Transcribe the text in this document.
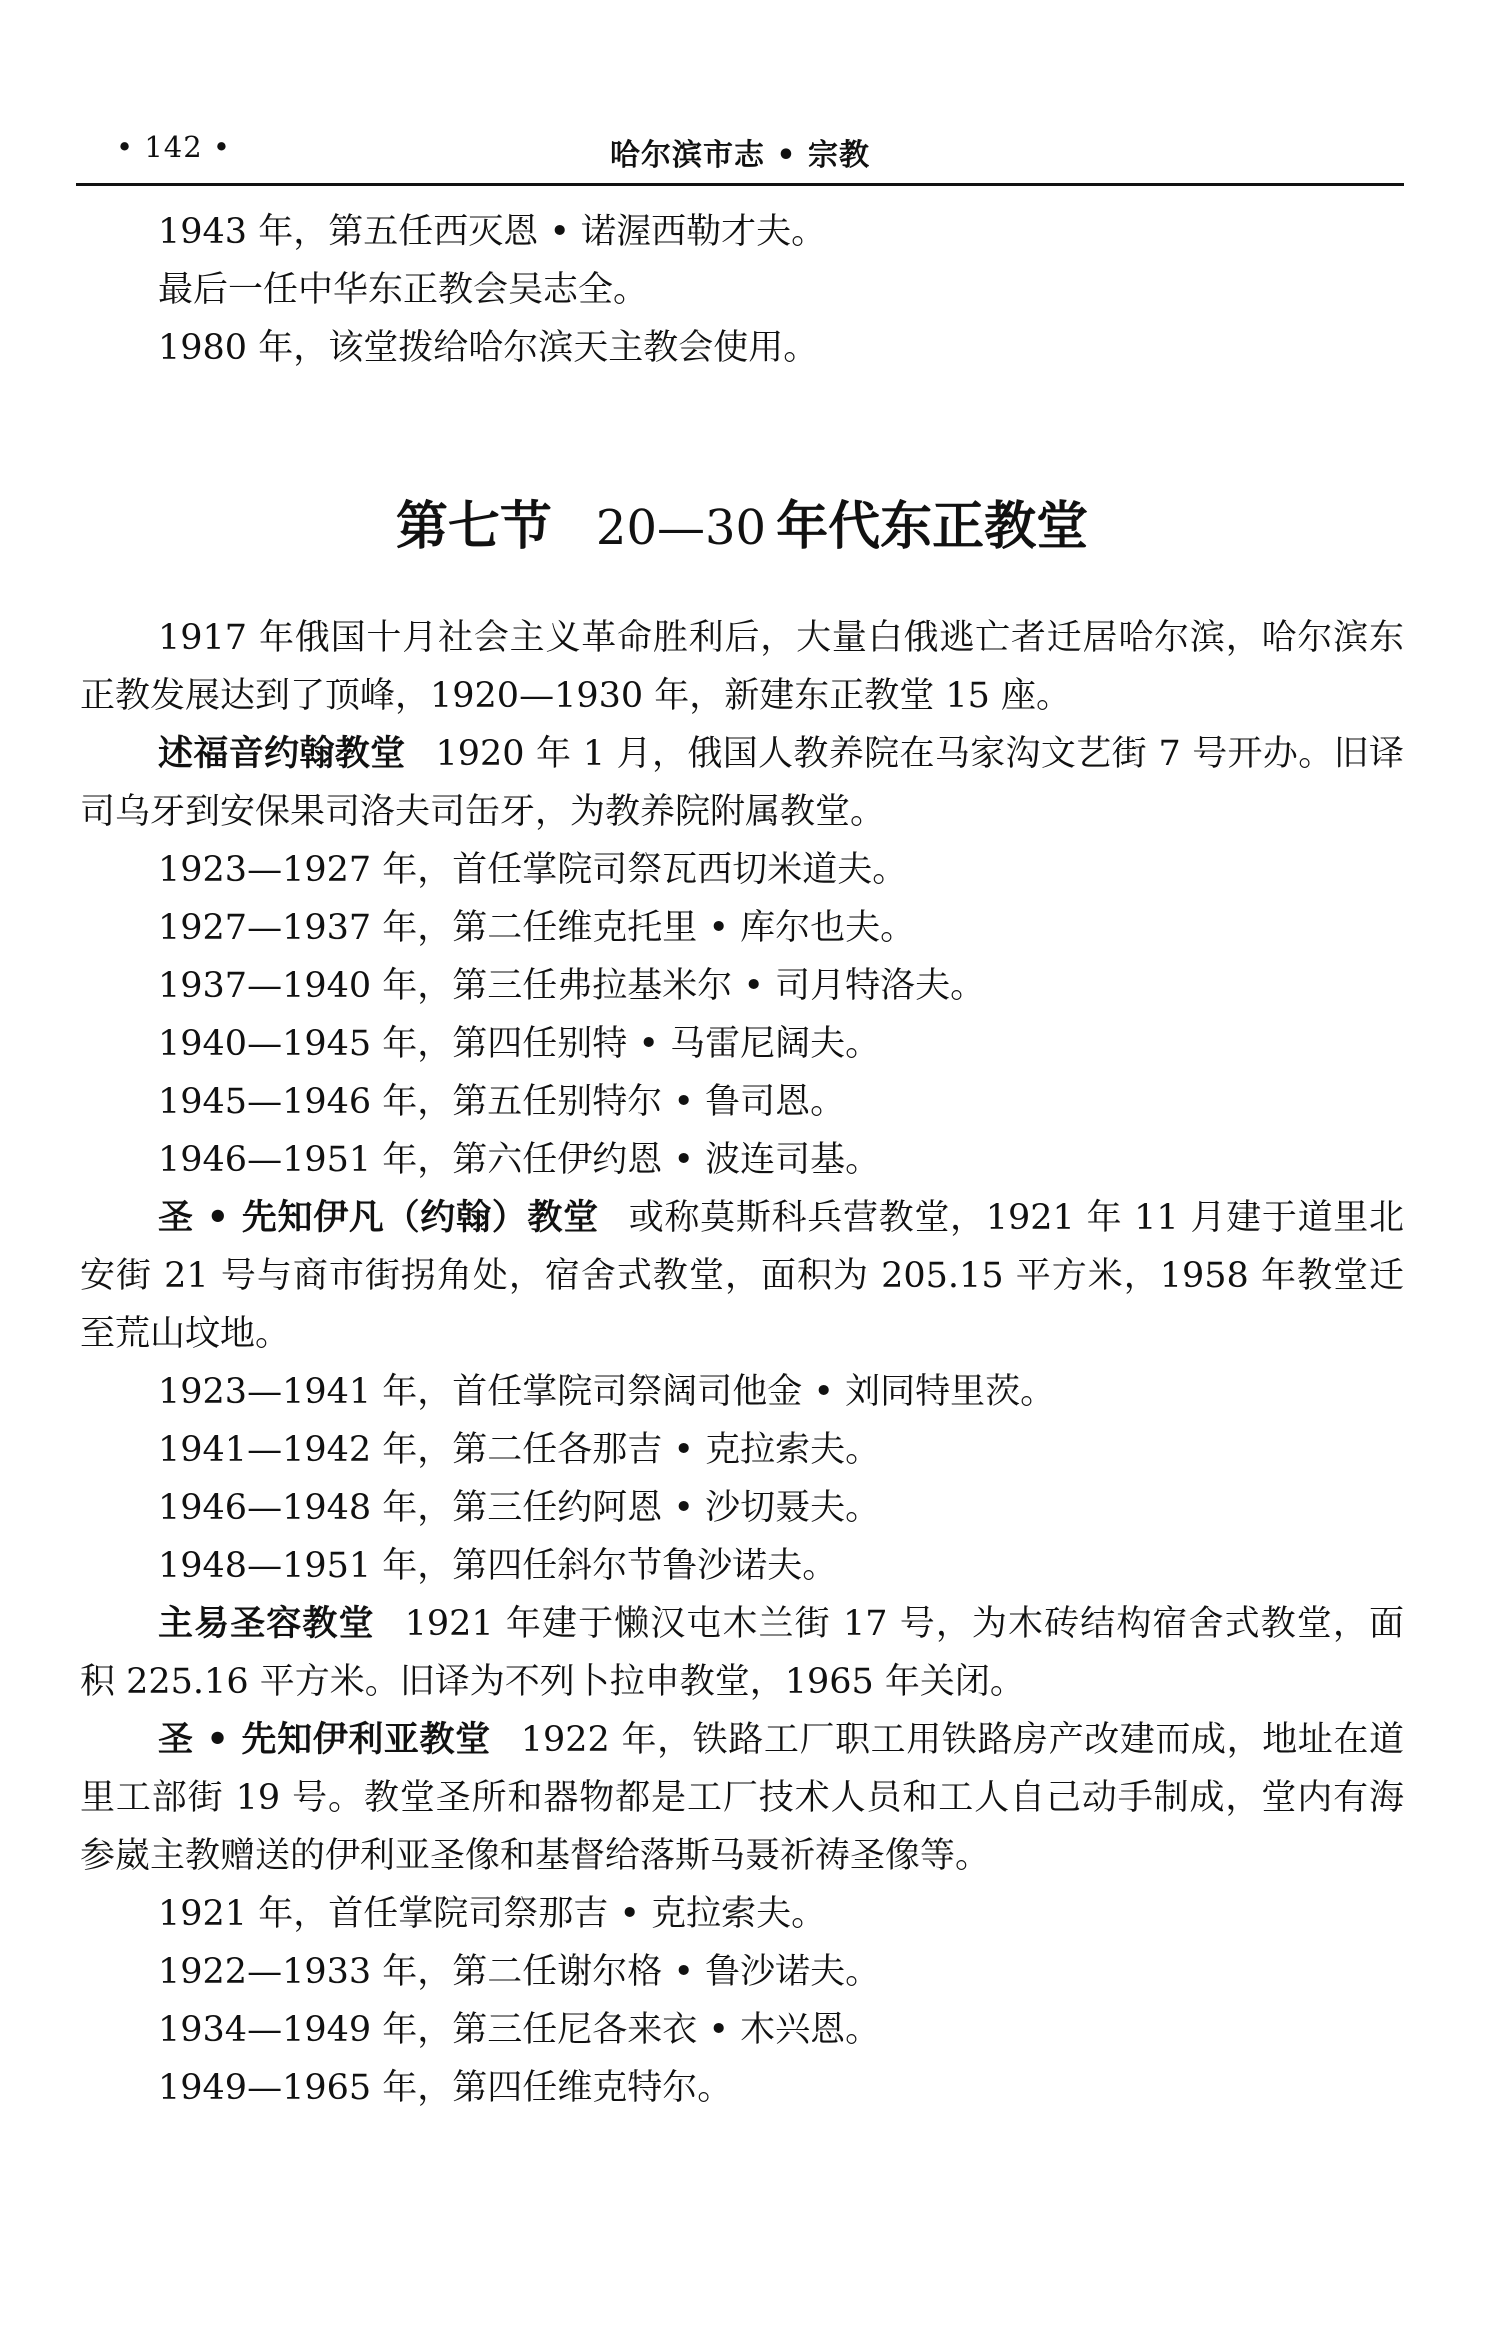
• 142 •	哈尔滨市志 • 宗教

1943 年，第五任西灭恩 • 诺渥西勒才夫。

最后一任中华东正教会吴志全。

1980 年，该堂拨给哈尔滨天主教会使用。

第七节 20—30 年代东正教堂

1917 年俄国十月社会主义革命胜利后，大量白俄逃亡者迁居哈尔滨，哈尔滨东正教发展达到了顶峰，1920—1930 年，新建东正教堂 15 座。

述福音约翰教堂 1920 年 1 月，俄国人教养院在马家沟文艺街 7 号开办。旧译司乌牙到安保果司洛夫司缶牙，为教养院附属教堂。

1923—1927 年，首任掌院司祭瓦西切米道夫。

1927—1937 年，第二任维克托里 • 库尔也夫。

1937—1940 年，第三任弗拉基米尔 • 司月特洛夫。

1940—1945 年，第四任别特 • 马雷尼阔夫。

1945—1946 年，第五任别特尔 • 鲁司恩。

1946—1951 年，第六任伊约恩 • 波连司基。

圣 • 先知伊凡（约翰）教堂 或称莫斯科兵营教堂，1921 年 11 月建于道里北安街 21 号与商市街拐角处，宿舍式教堂，面积为 205.15 平方米，1958 年教堂迁至荒山坟地。

1923—1941 年，首任掌院司祭阔司他金 • 刘同特里茨。

1941—1942 年，第二任各那吉 • 克拉索夫。

1946—1948 年，第三任约阿恩 • 沙切聂夫。

1948—1951 年，第四任斜尔节鲁沙诺夫。

主易圣容教堂 1921 年建于懒汉屯木兰街 17 号，为木砖结构宿舍式教堂，面积 225.16 平方米。旧译为不列卜拉申教堂，1965 年关闭。

圣 • 先知伊利亚教堂 1922 年，铁路工厂职工用铁路房产改建而成，地址在道里工部街 19 号。教堂圣所和器物都是工厂技术人员和工人自己动手制成，堂内有海参崴主教赠送的伊利亚圣像和基督给落斯马聂祈祷圣像等。

1921 年，首任掌院司祭那吉 • 克拉索夫。

1922—1933 年，第二任谢尔格 • 鲁沙诺夫。

1934—1949 年，第三任尼各来衣 • 木兴恩。

1949—1965 年，第四任维克特尔。
